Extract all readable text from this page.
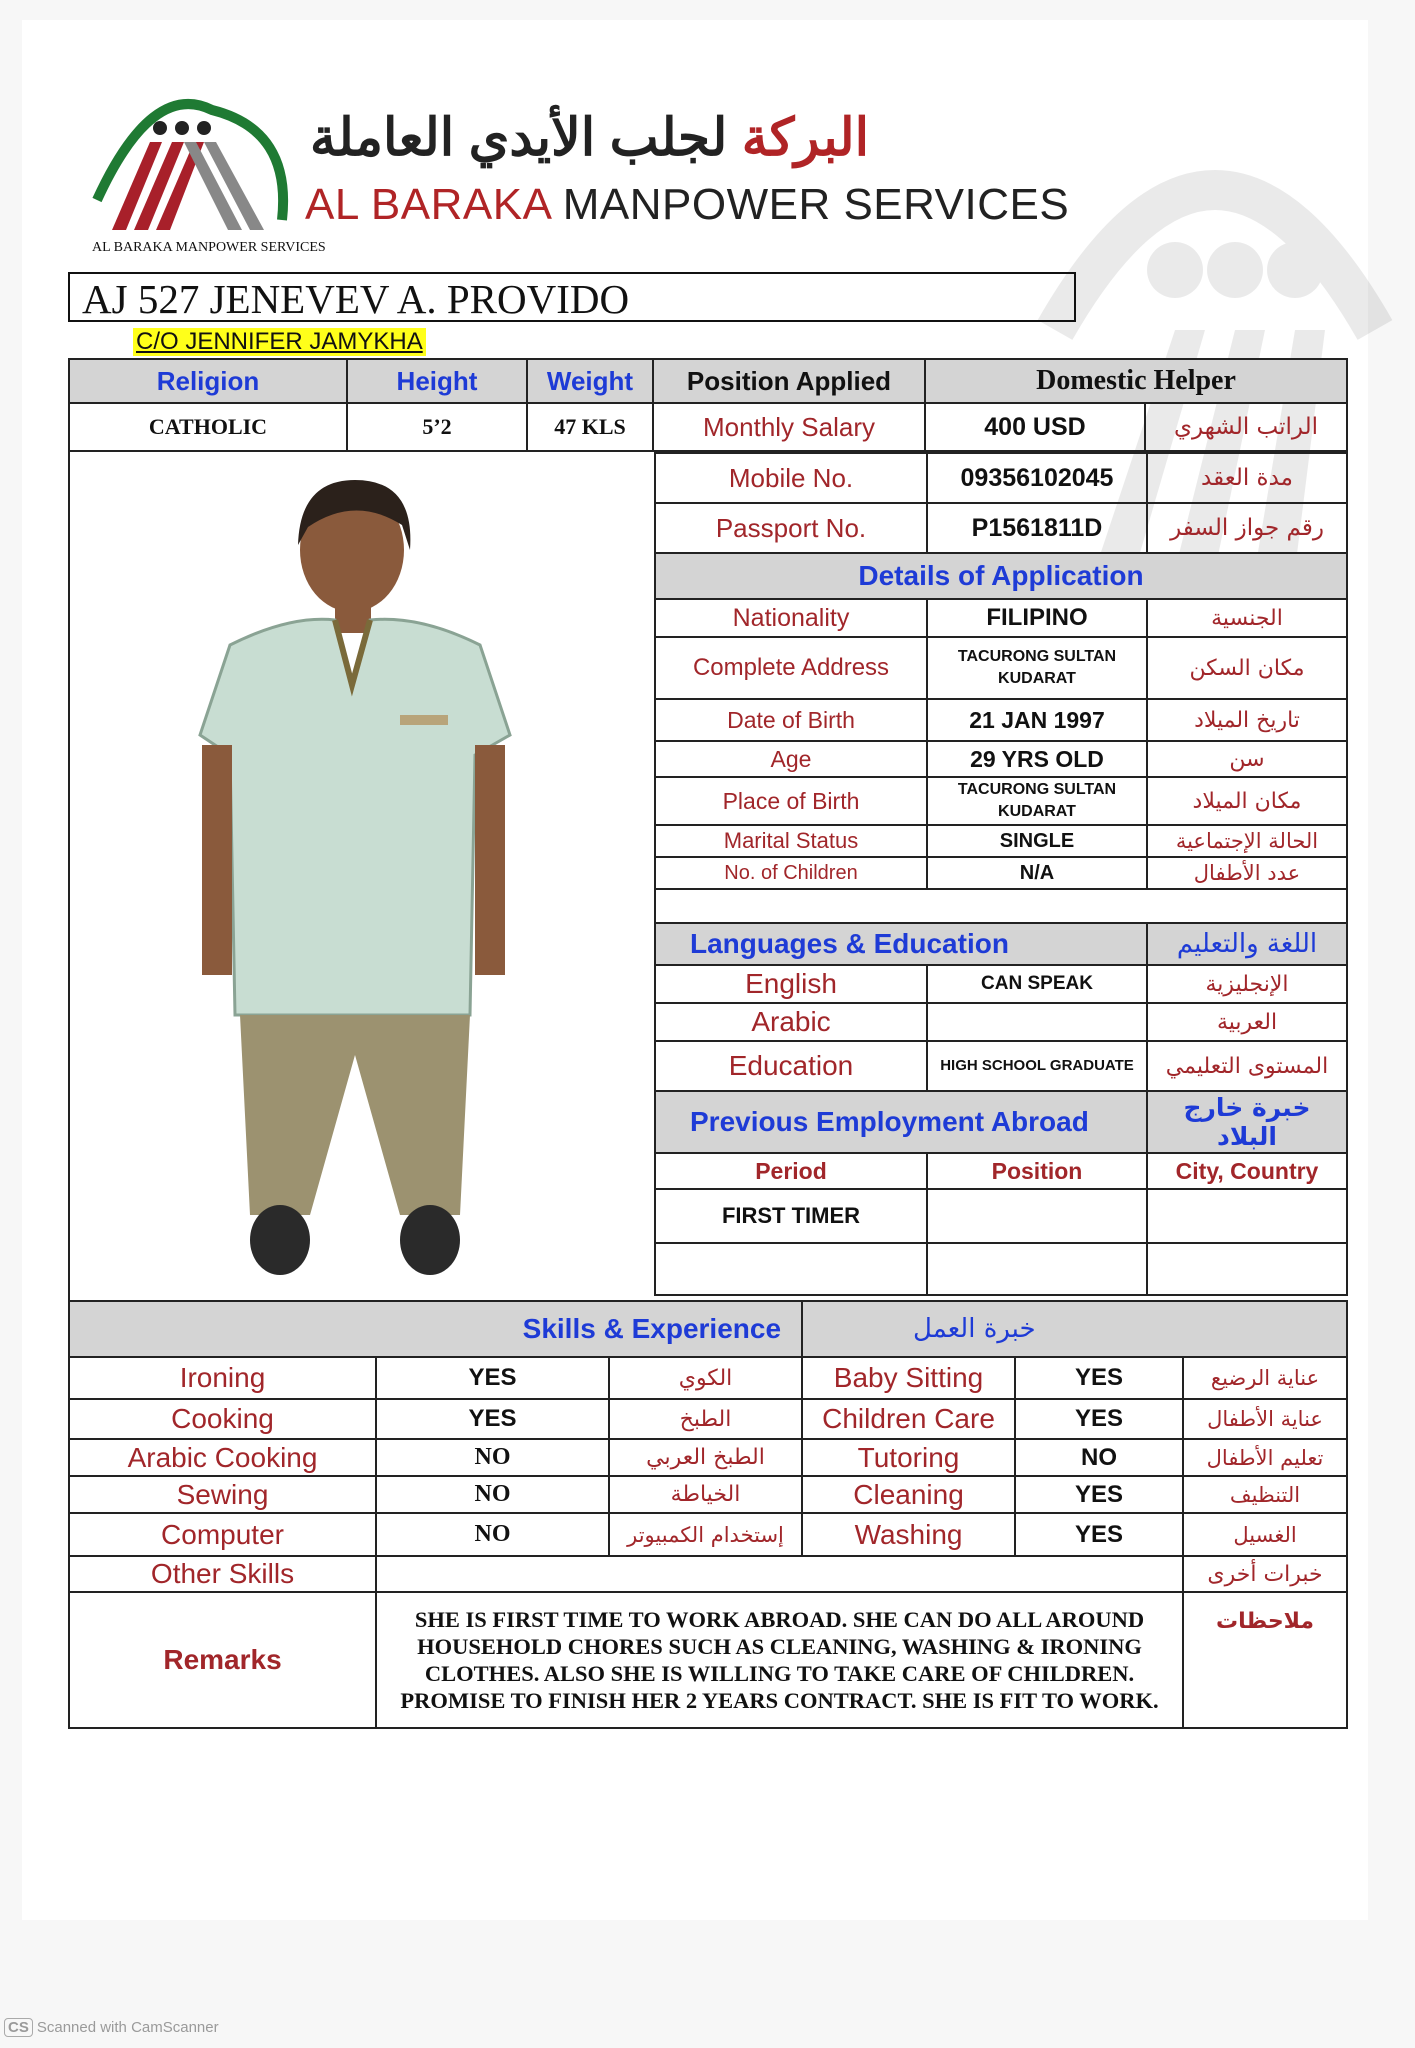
AL BARAKA MANPOWER SERVICES
البركة لجلب الأيدي العاملة
AL BARAKA MANPOWER SERVICES
AJ 527 JENEVEV A. PROVIDO
C/O JENNIFER JAMYKHA
Religion	Height	Weight	Position Applied	Domestic Helper	
CATHOLIC	5’2	47 KLS	Monthly Salary	400 USD	الراتب الشهري
Mobile No.	09356102045	مدة العقد
Passport No.	P1561811D	رقم جواز السفر
Details of Application		
Nationality	FILIPINO	الجنسية
Complete Address	TACURONG SULTAN KUDARAT	مكان السكن
Date of Birth	21 JAN 1997	تاريخ الميلاد
Age	29 YRS OLD	سن
Place of Birth	TACURONG SULTAN KUDARAT	مكان الميلاد
Marital Status	SINGLE	الحالة الإجتماعية
No. of Children	N/A	عدد الأطفال

Languages & Education		اللغة والتعليم
English	CAN SPEAK	الإنجليزية
Arabic		العربية
Education	HIGH SCHOOL GRADUATE	المستوى التعليمي
Previous Employment Abroad		خبرة خارج البلاد
Period	Position	City, Country
FIRST TIMER		

Skills & Experience			خبرة العمل		
Ironing	YES	الكوي	Baby Sitting	YES	عناية الرضيع
Cooking	YES	الطبخ	Children Care	YES	عناية الأطفال
Arabic Cooking	NO	الطبخ العربي	Tutoring	NO	تعليم الأطفال
Sewing	NO	الخياطة	Cleaning	YES	التنظيف
Computer	NO	إستخدام الكمبيوتر	Washing	YES	الغسيل
Other Skills					خبرات أخرى
Remarks	SHE IS FIRST TIME TO WORK ABROAD. SHE CAN DO ALL AROUND HOUSEHOLD CHORES SUCH AS CLEANING, WASHING & IRONING CLOTHES. ALSO SHE IS WILLING TO TAKE CARE OF CHILDREN. PROMISE TO FINISH HER 2 YEARS CONTRACT. SHE IS FIT TO WORK.				ملاحظات
CS Scanned with CamScanner
